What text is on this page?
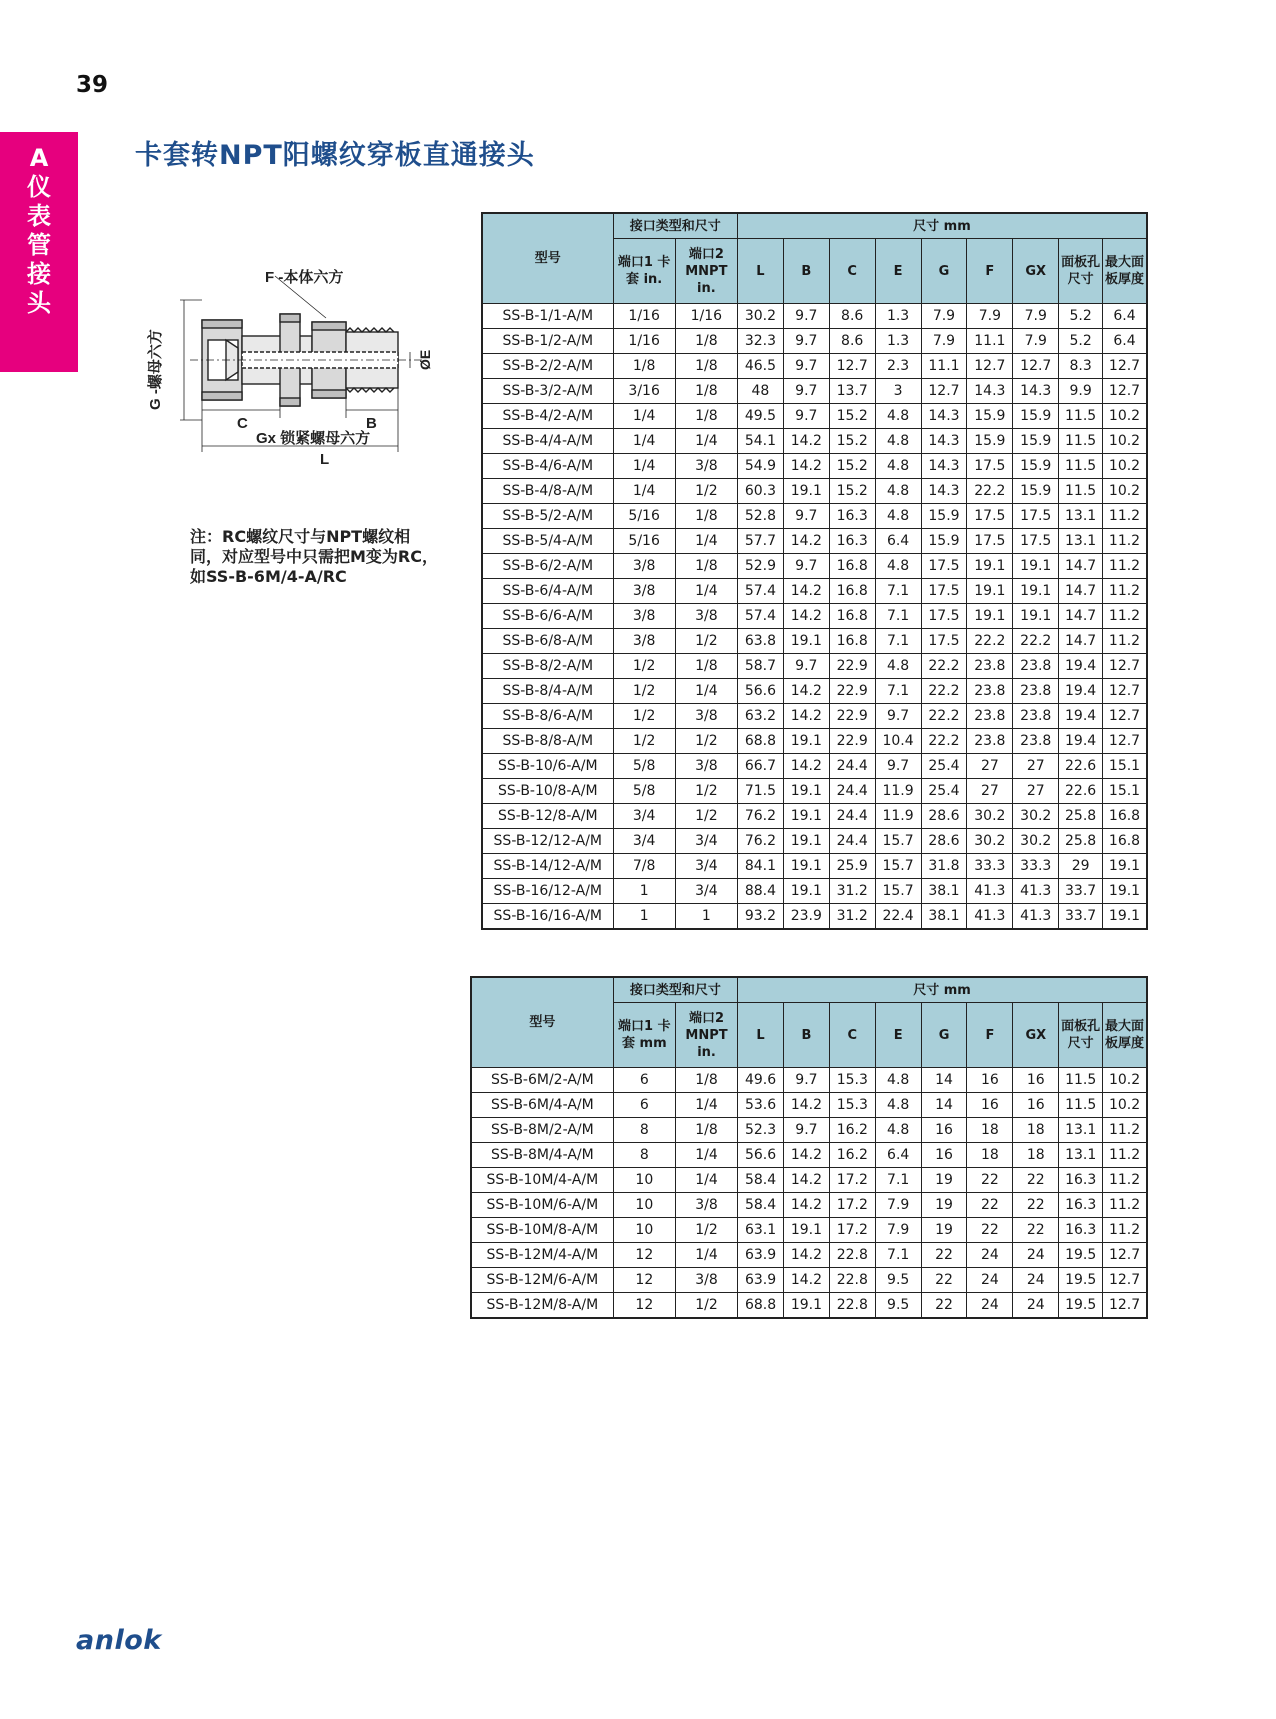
39
A
仪
表
管
接
头
卡套转NPT阳螺纹穿板直通接头
F -本体六方
G -螺母六方	ØE
C	B
Gx 锁紧螺母六方
L
注：RC螺纹尺寸与NPT螺纹相同，对应型号中只需把M变为RC，如SS-B-6M/4-A/RC
型号	接口类型和尺寸		尺寸 mm								
	端口1 卡套 in.	端口2 MNPT in.	L	B	C	E	G	F	GX	面板孔尺寸	最大面板厚度
SS-B-1/1-A/M	1/16	1/16	30.2	9.7	8.6	1.3	7.9	7.9	7.9	5.2	6.4
SS-B-1/2-A/M	1/16	1/8	32.3	9.7	8.6	1.3	7.9	11.1	7.9	5.2	6.4
SS-B-2/2-A/M	1/8	1/8	46.5	9.7	12.7	2.3	11.1	12.7	12.7	8.3	12.7
SS-B-3/2-A/M	3/16	1/8	48	9.7	13.7	3	12.7	14.3	14.3	9.9	12.7
SS-B-4/2-A/M	1/4	1/8	49.5	9.7	15.2	4.8	14.3	15.9	15.9	11.5	10.2
SS-B-4/4-A/M	1/4	1/4	54.1	14.2	15.2	4.8	14.3	15.9	15.9	11.5	10.2
SS-B-4/6-A/M	1/4	3/8	54.9	14.2	15.2	4.8	14.3	17.5	15.9	11.5	10.2
SS-B-4/8-A/M	1/4	1/2	60.3	19.1	15.2	4.8	14.3	22.2	15.9	11.5	10.2
SS-B-5/2-A/M	5/16	1/8	52.8	9.7	16.3	4.8	15.9	17.5	17.5	13.1	11.2
SS-B-5/4-A/M	5/16	1/4	57.7	14.2	16.3	6.4	15.9	17.5	17.5	13.1	11.2
SS-B-6/2-A/M	3/8	1/8	52.9	9.7	16.8	4.8	17.5	19.1	19.1	14.7	11.2
SS-B-6/4-A/M	3/8	1/4	57.4	14.2	16.8	7.1	17.5	19.1	19.1	14.7	11.2
SS-B-6/6-A/M	3/8	3/8	57.4	14.2	16.8	7.1	17.5	19.1	19.1	14.7	11.2
SS-B-6/8-A/M	3/8	1/2	63.8	19.1	16.8	7.1	17.5	22.2	22.2	14.7	11.2
SS-B-8/2-A/M	1/2	1/8	58.7	9.7	22.9	4.8	22.2	23.8	23.8	19.4	12.7
SS-B-8/4-A/M	1/2	1/4	56.6	14.2	22.9	7.1	22.2	23.8	23.8	19.4	12.7
SS-B-8/6-A/M	1/2	3/8	63.2	14.2	22.9	9.7	22.2	23.8	23.8	19.4	12.7
SS-B-8/8-A/M	1/2	1/2	68.8	19.1	22.9	10.4	22.2	23.8	23.8	19.4	12.7
SS-B-10/6-A/M	5/8	3/8	66.7	14.2	24.4	9.7	25.4	27	27	22.6	15.1
SS-B-10/8-A/M	5/8	1/2	71.5	19.1	24.4	11.9	25.4	27	27	22.6	15.1
SS-B-12/8-A/M	3/4	1/2	76.2	19.1	24.4	11.9	28.6	30.2	30.2	25.8	16.8
SS-B-12/12-A/M	3/4	3/4	76.2	19.1	24.4	15.7	28.6	30.2	30.2	25.8	16.8
SS-B-14/12-A/M	7/8	3/4	84.1	19.1	25.9	15.7	31.8	33.3	33.3	29	19.1
SS-B-16/12-A/M	1	3/4	88.4	19.1	31.2	15.7	38.1	41.3	41.3	33.7	19.1
SS-B-16/16-A/M	1	1	93.2	23.9	31.2	22.4	38.1	41.3	41.3	33.7	19.1
型号	接口类型和尺寸		尺寸 mm								
	端口1 卡套 mm	端口2 MNPT in.	L	B	C	E	G	F	GX	面板孔尺寸	最大面板厚度
SS-B-6M/2-A/M	6	1/8	49.6	9.7	15.3	4.8	14	16	16	11.5	10.2
SS-B-6M/4-A/M	6	1/4	53.6	14.2	15.3	4.8	14	16	16	11.5	10.2
SS-B-8M/2-A/M	8	1/8	52.3	9.7	16.2	4.8	16	18	18	13.1	11.2
SS-B-8M/4-A/M	8	1/4	56.6	14.2	16.2	6.4	16	18	18	13.1	11.2
SS-B-10M/4-A/M	10	1/4	58.4	14.2	17.2	7.1	19	22	22	16.3	11.2
SS-B-10M/6-A/M	10	3/8	58.4	14.2	17.2	7.9	19	22	22	16.3	11.2
SS-B-10M/8-A/M	10	1/2	63.1	19.1	17.2	7.9	19	22	22	16.3	11.2
SS-B-12M/4-A/M	12	1/4	63.9	14.2	22.8	7.1	22	24	24	19.5	12.7
SS-B-12M/6-A/M	12	3/8	63.9	14.2	22.8	9.5	22	24	24	19.5	12.7
SS-B-12M/8-A/M	12	1/2	68.8	19.1	22.8	9.5	22	24	24	19.5	12.7
anlok
